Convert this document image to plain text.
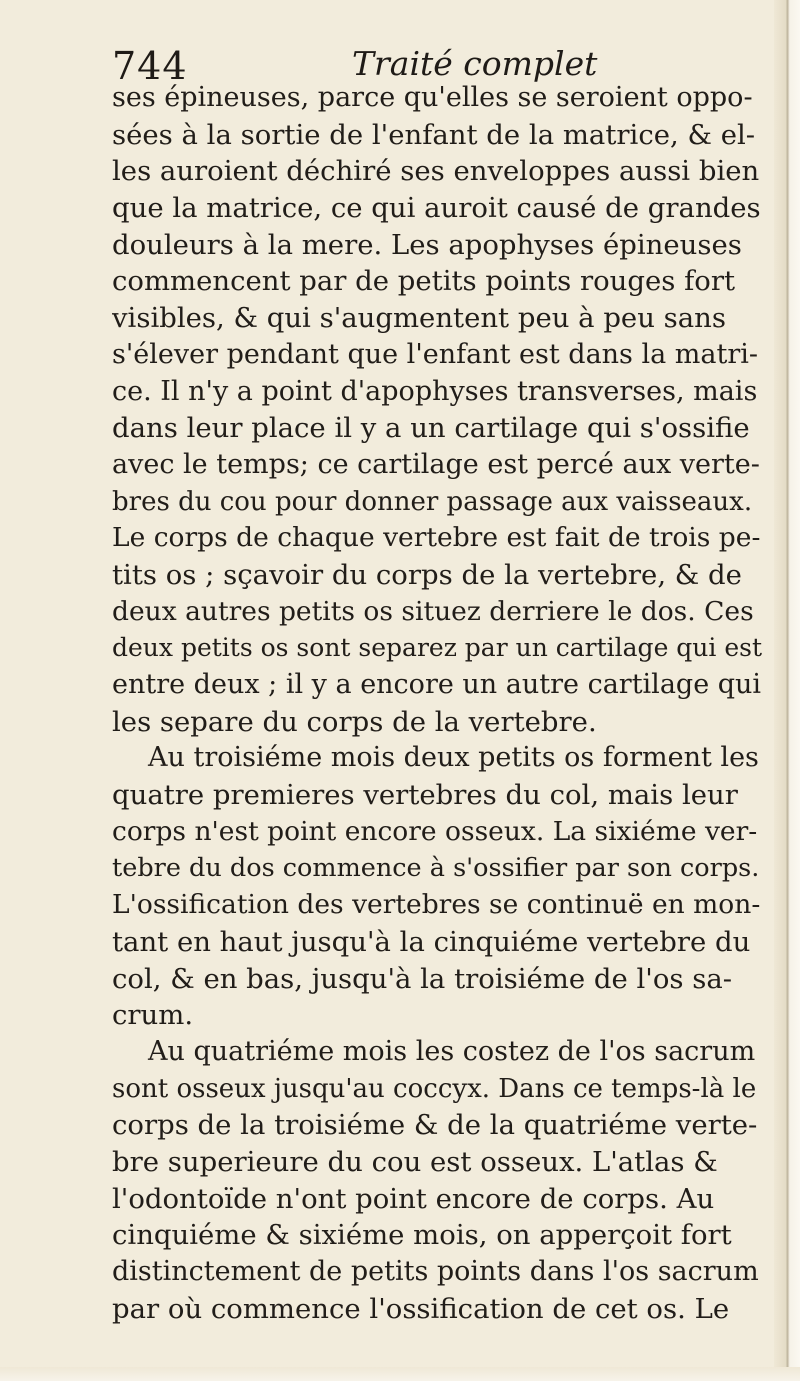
744	Traité complet
ses épineuses, parce qu'elles se seroient oppo-
sées à la sortie de l'enfant de la matrice, & el-
les auroient déchiré ses enveloppes aussi bien
que la matrice, ce qui auroit causé de grandes
douleurs à la mere. Les apophyses épineuses
commencent par de petits points rouges fort
visibles, & qui s'augmentent peu à peu sans
s'élever pendant que l'enfant est dans la matri-
ce. Il n'y a point d'apophyses transverses, mais
dans leur place il y a un cartilage qui s'ossifie
avec le temps; ce cartilage est percé aux verte-
bres du cou pour donner passage aux vaisseaux.
Le corps de chaque vertebre est fait de trois pe-
tits os ; sçavoir du corps de la vertebre, & de
deux autres petits os situez derriere le dos. Ces
deux petits os sont separez par un cartilage qui est
entre deux ; il y a encore un autre cartilage qui
les separe du corps de la vertebre.
Au troisiéme mois deux petits os forment les
quatre premieres vertebres du col, mais leur
corps n'est point encore osseux. La sixiéme ver-
tebre du dos commence à s'ossifier par son corps.
L'ossification des vertebres se continuë en mon-
tant en haut jusqu'à la cinquiéme vertebre du
col, & en bas, jusqu'à la troisiéme de l'os sa-
crum.
Au quatriéme mois les costez de l'os sacrum
sont osseux jusqu'au coccyx. Dans ce temps-là le
corps de la troisiéme & de la quatriéme verte-
bre superieure du cou est osseux. L'atlas &
l'odontoïde n'ont point encore de corps. Au
cinquiéme & sixiéme mois, on apperçoit fort
distinctement de petits points dans l'os sacrum
par où commence l'ossification de cet os. Le
